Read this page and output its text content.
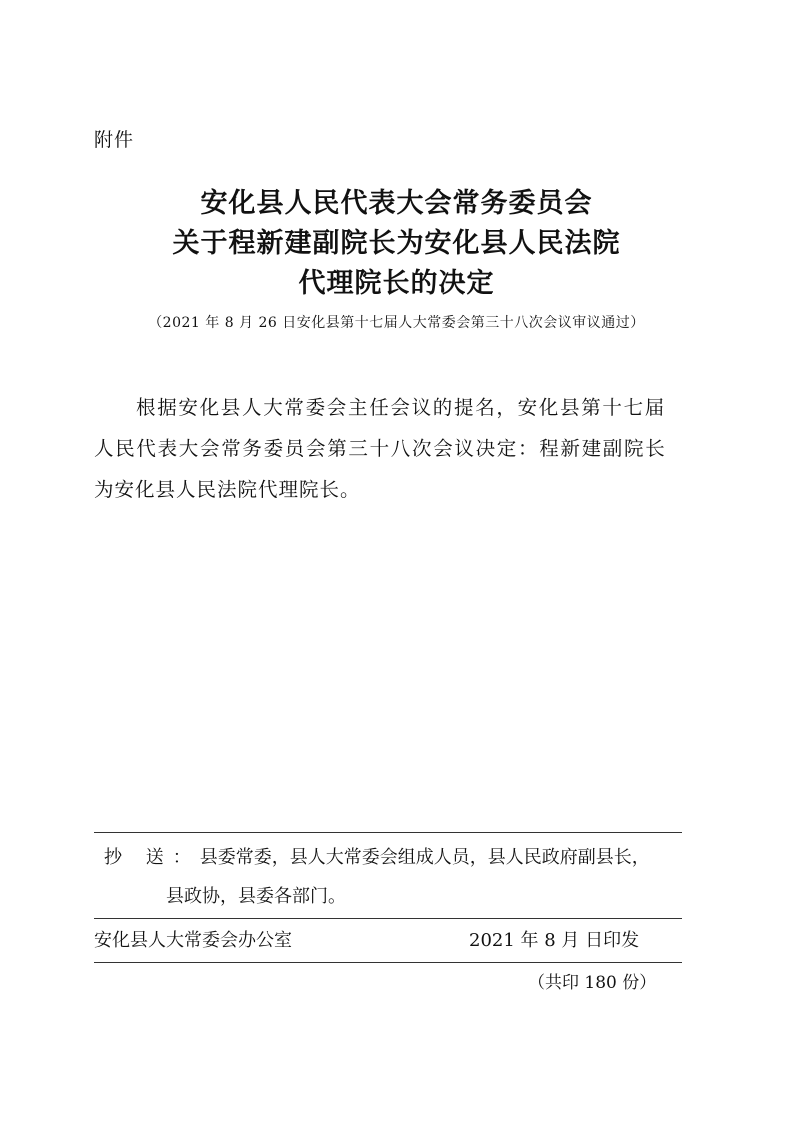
附件
安化县人民代表大会常务委员会
关于程新建副院长为安化县人民法院
代理院长的决定
（2021 年 8 月 26 日安化县第十七届人大常委会第三十八次会议审议通过）
根据安化县人大常委会主任会议的提名，安化县第十七届
人民代表大会常务委员会第三十八次会议决定：程新建副院长
为安化县人民法院代理院长。
抄 送：县委常委，县人大常委会组成人员，县人民政府副县长，
县政协，县委各部门。
安化县人大常委会办公室	2021 年 8 月 日印发
（共印 180 份）
